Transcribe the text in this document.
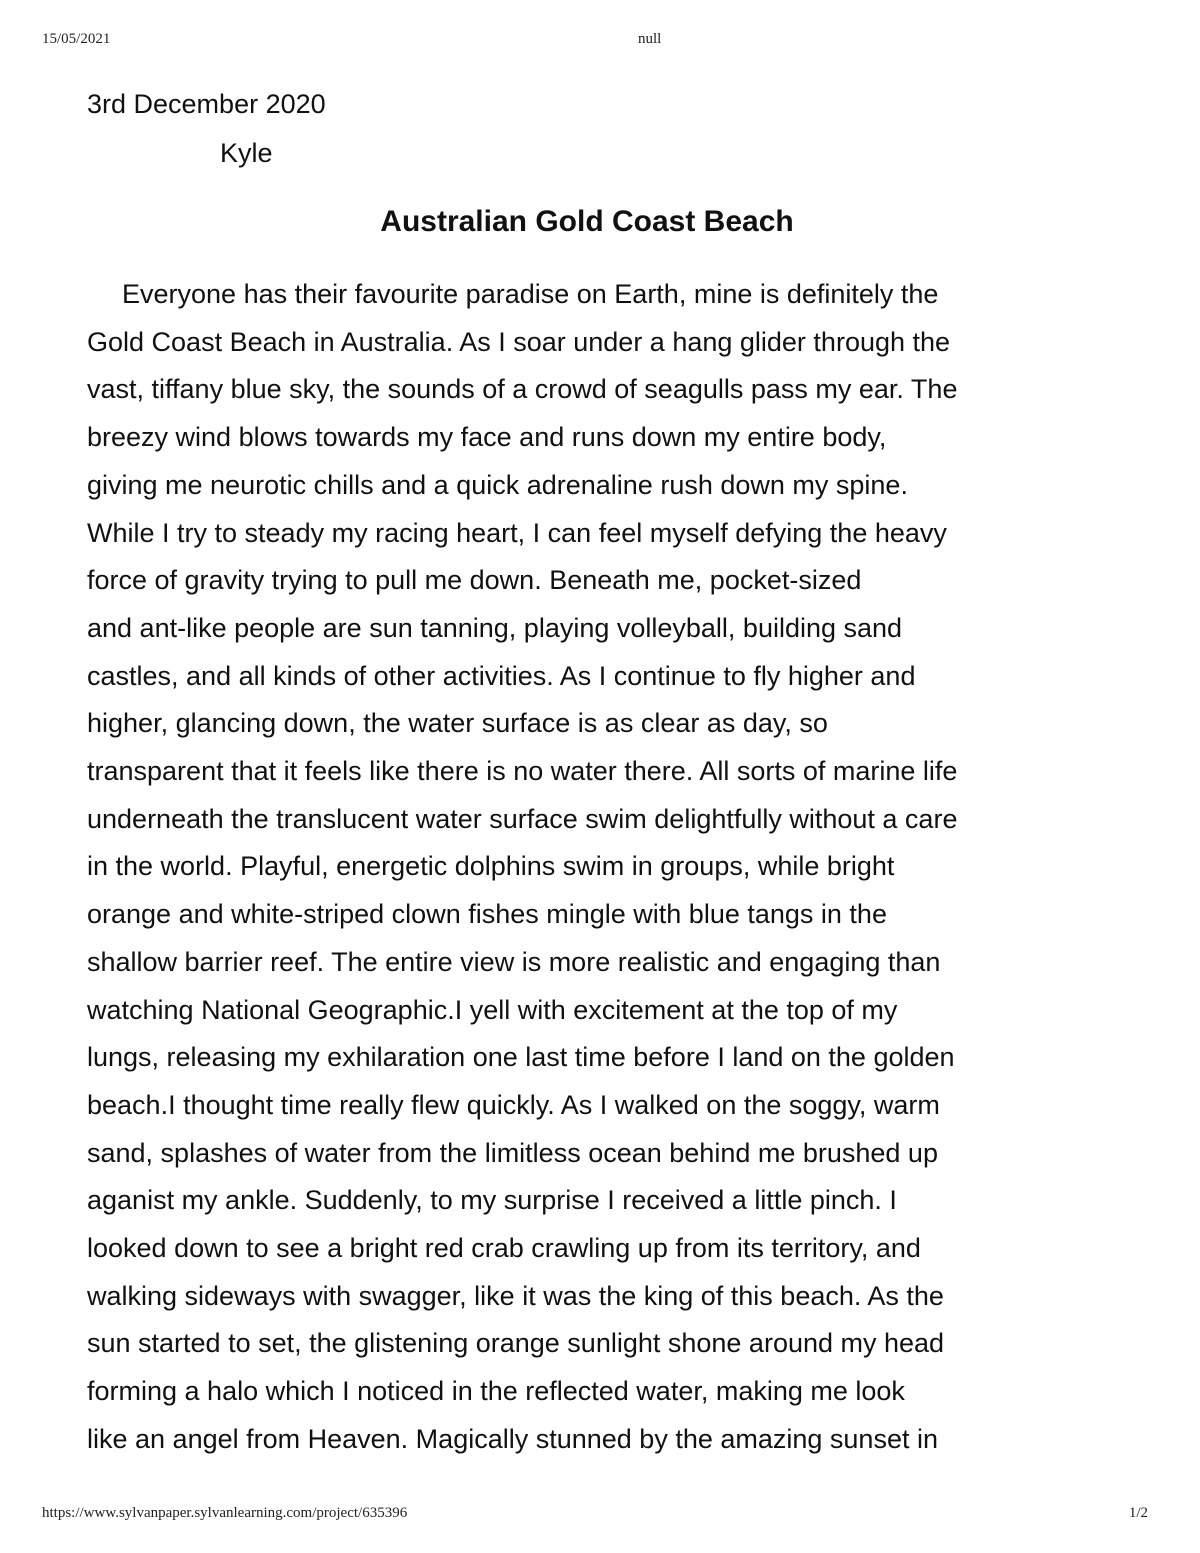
15/05/2021	null
3rd December 2020
Kyle
Australian Gold Coast Beach

Everyone has their favourite paradise on Earth, mine is definitely the
Gold Coast Beach in Australia. As I soar under a hang glider through the
vast, tiffany blue sky, the sounds of a crowd of seagulls pass my ear. The
breezy wind blows towards my face and runs down my entire body,
giving me neurotic chills and a quick adrenaline rush down my spine.
While I try to steady my racing heart, I can feel myself defying the heavy
force of gravity trying to pull me down. Beneath me, pocket-sized
and ant-like people are sun tanning, playing volleyball, building sand
castles, and all kinds of other activities. As I continue to fly higher and
higher, glancing down, the water surface is as clear as day, so
transparent that it feels like there is no water there. All sorts of marine life
underneath the translucent water surface swim delightfully without a care
in the world. Playful, energetic dolphins swim in groups, while bright
orange and white-striped clown fishes mingle with blue tangs in the
shallow barrier reef. The entire view is more realistic and engaging than
watching National Geographic.I yell with excitement at the top of my
lungs, releasing my exhilaration one last time before I land on the golden
beach.I thought time really flew quickly. As I walked on the soggy, warm
sand, splashes of water from the limitless ocean behind me brushed up
aganist my ankle. Suddenly, to my surprise I received a little pinch. I
looked down to see a bright red crab crawling up from its territory, and
walking sideways with swagger, like it was the king of this beach. As the
sun started to set, the glistening orange sunlight shone around my head
forming a halo which I noticed in the reflected water, making me look
like an angel from Heaven. Magically stunned by the amazing sunset in

https://www.sylvanpaper.sylvanlearning.com/project/635396	1/2
